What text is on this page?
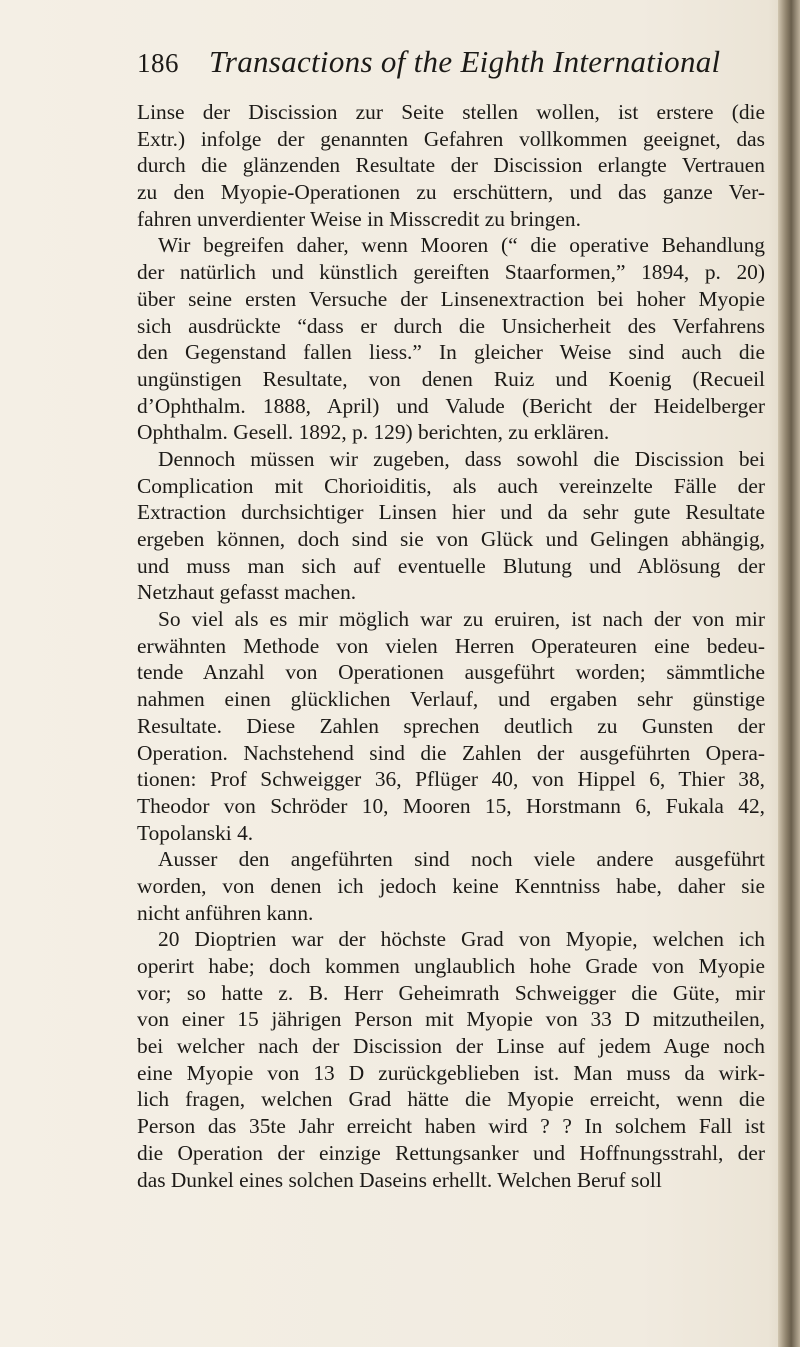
186 Transactions of the Eighth International
Linse der Discission zur Seite stellen wollen, ist erstere (die
Extr.) infolge der genannten Gefahren vollkommen geeignet, das
durch die glänzenden Resultate der Discission erlangte Vertrauen
zu den Myopie-Operationen zu erschüttern, und das ganze Ver-
fahren unverdienter Weise in Misscredit zu bringen.
Wir begreifen daher, wenn Mooren (“ die operative Behandlung
der natürlich und künstlich gereiften Staarformen,” 1894, p. 20)
über seine ersten Versuche der Linsenextraction bei hoher Myopie
sich ausdrückte “dass er durch die Unsicherheit des Verfahrens
den Gegenstand fallen liess.” In gleicher Weise sind auch die
ungünstigen Resultate, von denen Ruiz und Koenig (Recueil
d’Ophthalm. 1888, April) und Valude (Bericht der Heidelberger
Ophthalm. Gesell. 1892, p. 129) berichten, zu erklären.
Dennoch müssen wir zugeben, dass sowohl die Discission bei
Complication mit Chorioiditis, als auch vereinzelte Fälle der
Extraction durchsichtiger Linsen hier und da sehr gute Resultate
ergeben können, doch sind sie von Glück und Gelingen abhängig,
und muss man sich auf eventuelle Blutung und Ablösung der
Netzhaut gefasst machen.
So viel als es mir möglich war zu eruiren, ist nach der von mir
erwähnten Methode von vielen Herren Operateuren eine bedeu-
tende Anzahl von Operationen ausgeführt worden; sämmtliche
nahmen einen glücklichen Verlauf, und ergaben sehr günstige
Resultate. Diese Zahlen sprechen deutlich zu Gunsten der
Operation. Nachstehend sind die Zahlen der ausgeführten Opera-
tionen: Prof Schweigger 36, Pflüger 40, von Hippel 6, Thier 38,
Theodor von Schröder 10, Mooren 15, Horstmann 6, Fukala 42,
Topolanski 4.
Ausser den angeführten sind noch viele andere ausgeführt
worden, von denen ich jedoch keine Kenntniss habe, daher sie
nicht anführen kann.
20 Dioptrien war der höchste Grad von Myopie, welchen ich
operirt habe; doch kommen unglaublich hohe Grade von Myopie
vor; so hatte z. B. Herr Geheimrath Schweigger die Güte, mir
von einer 15 jährigen Person mit Myopie von 33 D mitzutheilen,
bei welcher nach der Discission der Linse auf jedem Auge noch
eine Myopie von 13 D zurückgeblieben ist. Man muss da wirk-
lich fragen, welchen Grad hätte die Myopie erreicht, wenn die
Person das 35te Jahr erreicht haben wird ? ? In solchem Fall ist
die Operation der einzige Rettungsanker und Hoffnungsstrahl, der
das Dunkel eines solchen Daseins erhellt. Welchen Beruf soll
